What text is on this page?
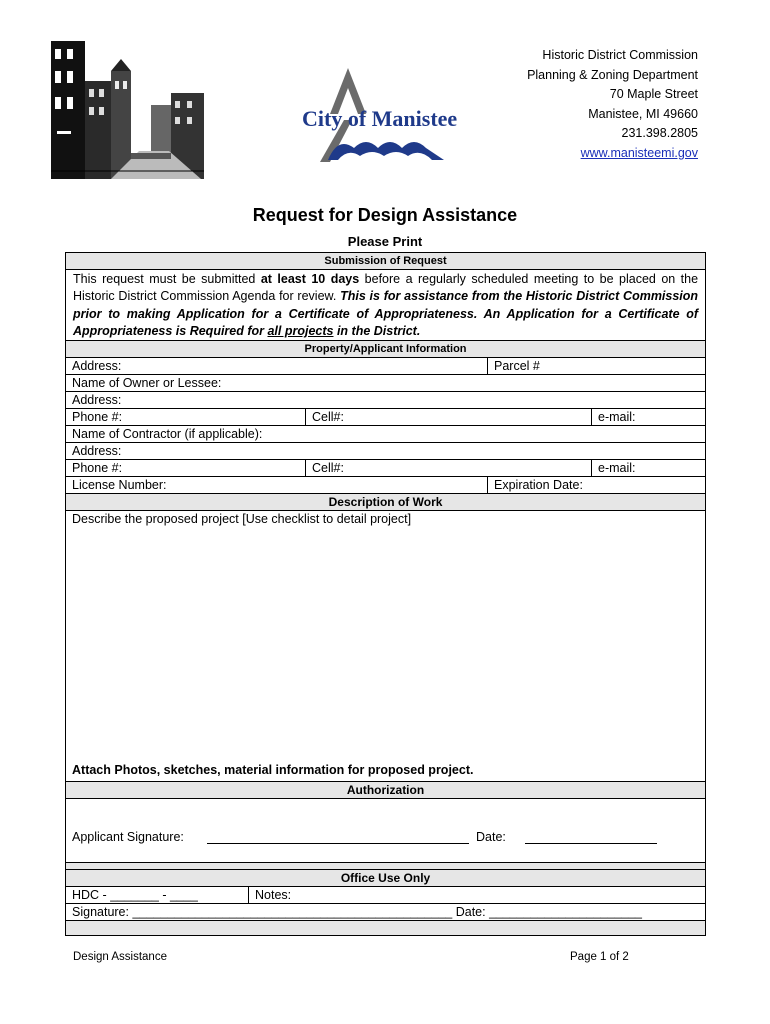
City of Manistee
Historic District Commission
Planning & Zoning Department
70 Maple Street
Manistee, MI 49660
231.398.2805
www.manisteemi.gov
Request for Design Assistance
Please Print
Submission of Request				
This request must be submitted at least 10 days before a regularly scheduled meeting to be placed on the Historic District Commission Agenda for review. This is for assistance from the Historic District Commission prior to making Application for a Certificate of Appropriateness. An Application for a Certificate of Appropriateness is Required for all projects in the District.				
Property/Applicant Information				
Address:			Parcel #	
Name of Owner or Lessee:				
Address:				
Phone #:		Cell#:		e-mail:
Name of Contractor (if applicable):				
Address:				
Phone #:		Cell#:		e-mail:
License Number:			Expiration Date:	
Description of Work				
Describe the proposed project [Use checklist to detail project]
Attach Photos, sketches, material information for proposed project.				

Authorization				

Applicant Signature: Date:				

Office Use Only				
HDC - _______ - ____	Notes:			
Signature: ______________________________________________ Date: ______________________				

Design Assistance	Page 1 of 2
